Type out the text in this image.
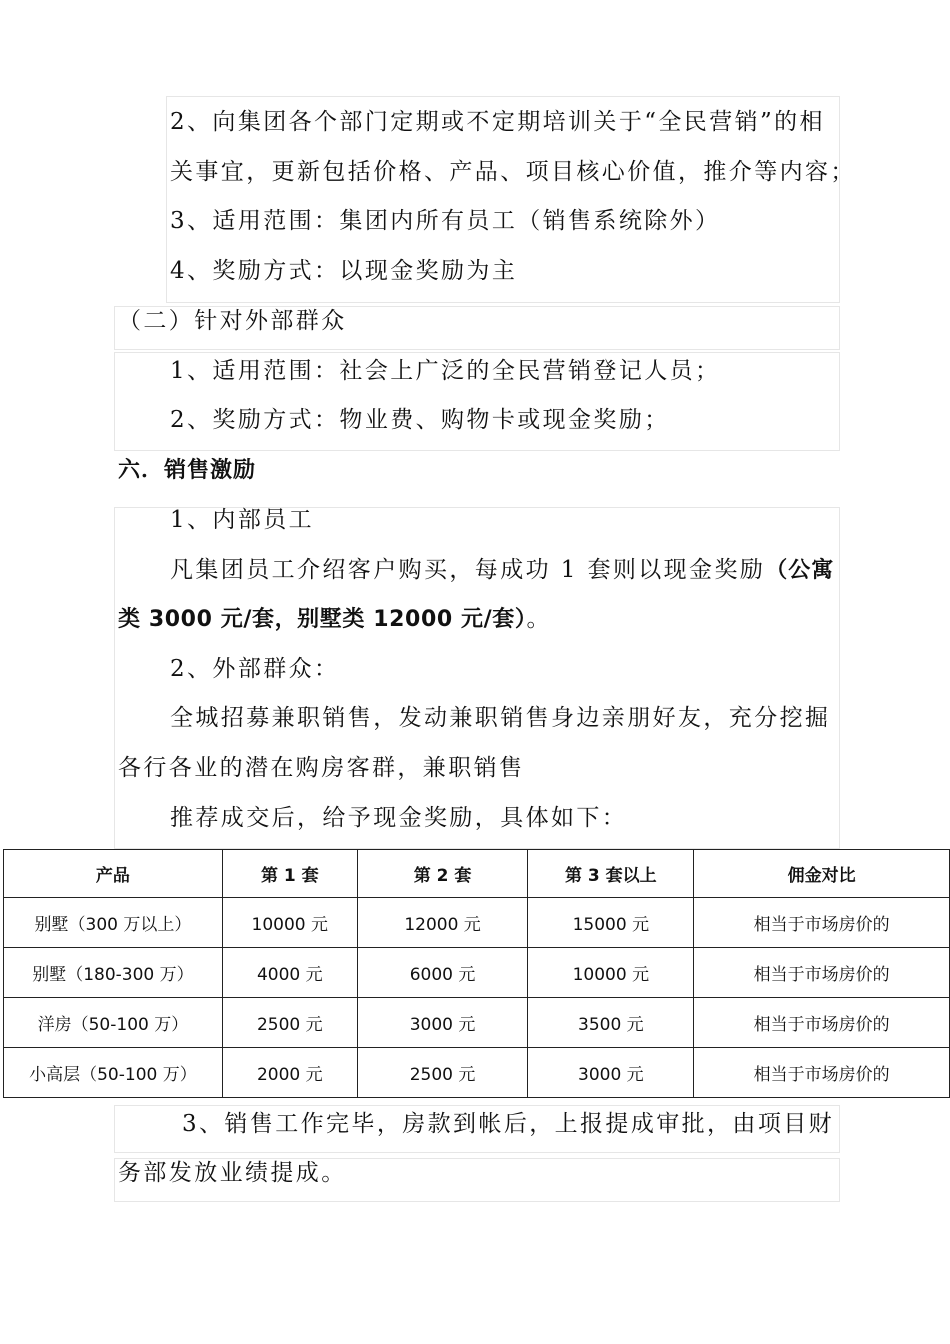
2、向集团各个部门定期或不定期培训关于“全民营销”的相
关事宜，更新包括价格、产品、项目核心价值，推介等内容；
3、适用范围：集团内所有员工（销售系统除外）
4、奖励方式：以现金奖励为主
（二）针对外部群众
1、适用范围：社会上广泛的全民营销登记人员；
2、奖励方式：物业费、购物卡或现金奖励；
六．销售激励
1、内部员工
凡集团员工介绍客户购买，每成功 1 套则以现金奖励（公寓
类 3000 元/套，别墅类 12000 元/套）。
2、外部群众：
全城招募兼职销售，发动兼职销售身边亲朋好友，充分挖掘
各行各业的潜在购房客群，兼职销售
推荐成交后，给予现金奖励，具体如下：
产品	第 1 套	第 2 套	第 3 套以上	佣金对比
别墅（300 万以上）	10000 元	12000 元	15000 元	相当于市场房价的
别墅（180-300 万）	4000 元	6000 元	10000 元	相当于市场房价的
洋房（50-100 万）	2500 元	3000 元	3500 元	相当于市场房价的
小高层（50-100 万）	2000 元	2500 元	3000 元	相当于市场房价的
3、销售工作完毕，房款到帐后，上报提成审批，由项目财
务部发放业绩提成。
